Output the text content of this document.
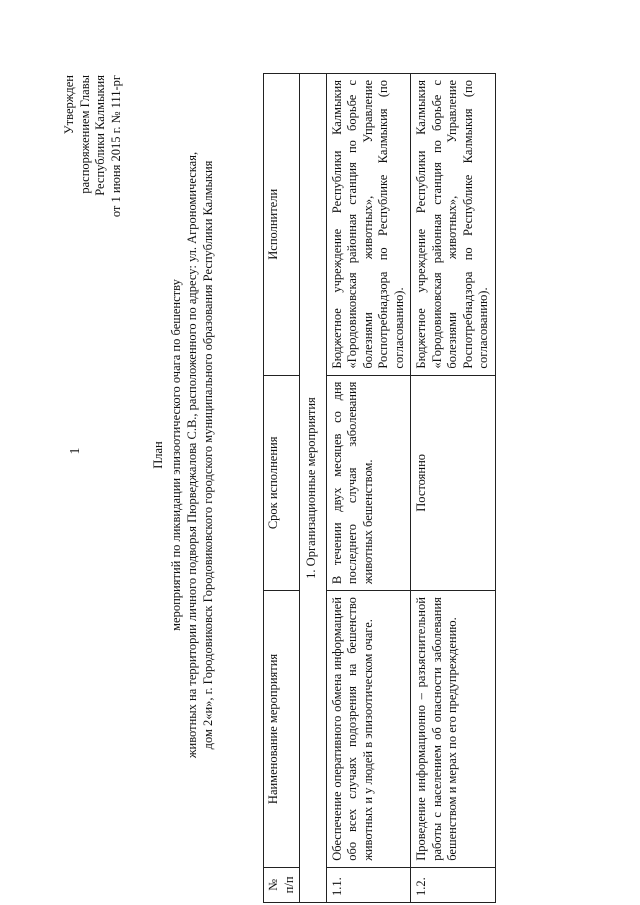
1
Утвержден распоряжением Главы Республики Калмыкия от 1 июня 2015 г. № 111-рг
План мероприятий по ликвидации эпизоотического очага по бешенству животных на территории личного подворья Пюрведжалова С.В., расположенного по адресу: ул. Агрономическая, дом 2«и», г. Городовиковск Городовиковского городского муниципального образования Республики Калмыкия
№ п/п	Наименование мероприятия	Срок исполнения	Исполнители
1. Организационные мероприятия			
1.1.	Обеспечение оперативного обмена информацией обо всех случаях подозрения на бешенство животных и у людей в эпизоотическом очаге.	В течении двух месяцев со дня последнего случая заболевания животных бешенством.	Бюджетное учреждение Республики Калмыкия «Городовиковская районная станция по борьбе с болезнями животных», Управление Роспотребнадзора по Республике Калмыкия (по согласованию).
1.2.	Проведение информационно – разъяснительной работы с населением об опасности заболевания бешенством и мерах по его предупреждению.	Постоянно	Бюджетное учреждение Республики Калмыкия «Городовиковская районная станция по борьбе с болезнями животных», Управление Роспотребнадзора по Республике Калмыкия (по согласованию).
